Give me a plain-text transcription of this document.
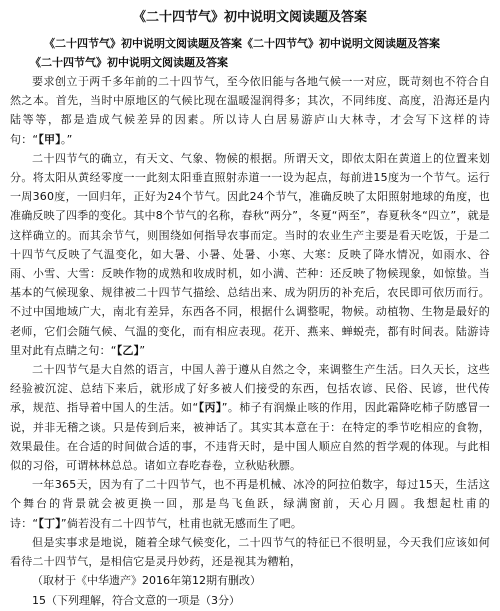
《二十四节气》初中说明文阅读题及答案

《二十四节气》初中说明文阅读题及答案《二十四节气》初中说明文阅读题及答案

《二十四节气》初中说明文阅读题及答案

要求创立于两千多年前的二十四节气，至今依旧能与各地气候一一对应，既苛刻也不符合自然之本。首先，当时中原地区的气候比现在温暖湿润得多；其次，不同纬度、高度，沿海还是内陆等等，都是造成气候差异的因素。所以诗人白居易游庐山大林寺，才会写下这样的诗句：“【甲】。”

二十四节气的确立，有天文、气象、物候的根据。所谓天文，即依太阳在黄道上的位置来划分。将太阳从黄经零度一一此刻太阳垂直照射赤道一一设为起点，每前进15度为一个节气。运行一周360度，一回归年，正好为24个节气。因此24个节气，准确反映了太阳照射地球的角度，也准确反映了四季的变化。其中8个节气的名称，春秋“两分”，冬夏“两至”，春夏秋冬“四立”，就是这样确立的。而其余节气，则围绕如何指导农事而定。当时的农业生产主要是看天吃饭，于是二十四节气反映了气温变化，如大暑、小暑、处暑、小寒、大寒：反映了降水情况，如雨水、谷雨、小雪、大雪：反映作物的成熟和收成时机，如小满、芒种：还反映了物候现象，如惊蛰。当基本的气候现象、规律被二十四节气描绘、总结出来、成为阴历的补充后，农民即可依历而行。不过中国地域广大，南北有差异，东西各不同，根据什么调整呢，物候。动植物、生物是最好的老师，它们会随气候、气温的变化，而有相应表现。花开、燕来、蝉蜕壳，都有时间表。陆游诗里对此有点睛之句：“【乙】”

二十四节气是大自然的语言，中国人善于遵从自然之令，来调整生产生活。曰久天长，这些经验被沉淀、总结下来后，就形成了好多被人们接受的东西，包括农谚、民俗、民谚，世代传承，规范、指导着中国人的生活。如“【丙】”。柿子有润燥止咳的作用，因此霜降吃柿子防感冒一说，并非无稽之谈。只是传到后来，被神话了。其实其本意在于：在特定的季节吃相应的食物，效果最佳。在合适的时间做合适的事，不违背天时，是中国人顺应自然的哲学观的体现。与此相似的习俗，可谓林林总总。诸如立春吃春卷，立秋贴秋膘。

一年365天，因为有了二十四节气，也不再是机械、冰冷的阿拉伯数字，每过15天，生活这个舞台的背景就会被更换一回，那是鸟飞鱼跃，绿满窗前，天心月圆。我想起杜甫的诗：“【丁】”倘若没有二十四节气，杜甫也就无感而生了吧。

但是实事求是地说，随着全球气候变化，二十四节气的特征已不很明显，今天我们应该如何看待二十四节气，是相信它是灵丹妙药，还是视其为糟粕，

（取材于《中华遗产》2016年第12期有删改）

15（下列理解，符合文意的一项是（3分）
